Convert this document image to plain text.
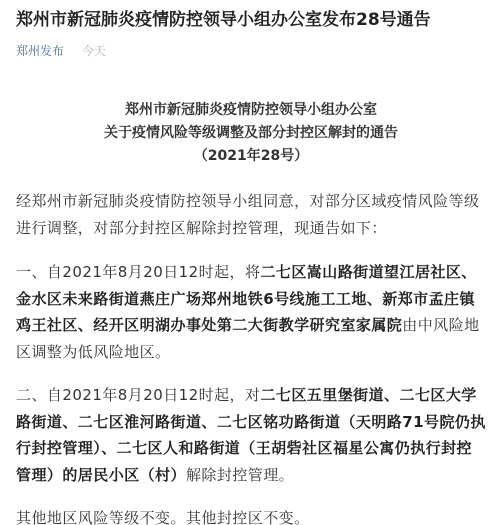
郑州市新冠肺炎疫情防控领导小组办公室发布28号通告
郑州发布 今天
郑州市新冠肺炎疫情防控领导小组办公室
关于疫情风险等级调整及部分封控区解封的通告
（2021年28号）

经郑州市新冠肺炎疫情防控领导小组同意，对部分区域疫情风险等级进行调整，对部分封控区解除封控管理，现通告如下：

一、自2021年8月20日12时起，将二七区嵩山路街道望江居社区、金水区未来路街道燕庄广场郑州地铁6号线施工工地、新郑市孟庄镇鸡王社区、经开区明湖办事处第二大街教学研究室家属院由中风险地区调整为低风险地区。

二、自2021年8月20日12时起，对二七区五里堡街道、二七区大学路街道、二七区淮河路街道、二七区铭功路街道（天明路71号院仍执行封控管理）、二七区人和路街道（王胡砦社区福星公寓仍执行封控管理）的居民小区（村）解除封控管理。

其他地区风险等级不变。其他封控区不变。
